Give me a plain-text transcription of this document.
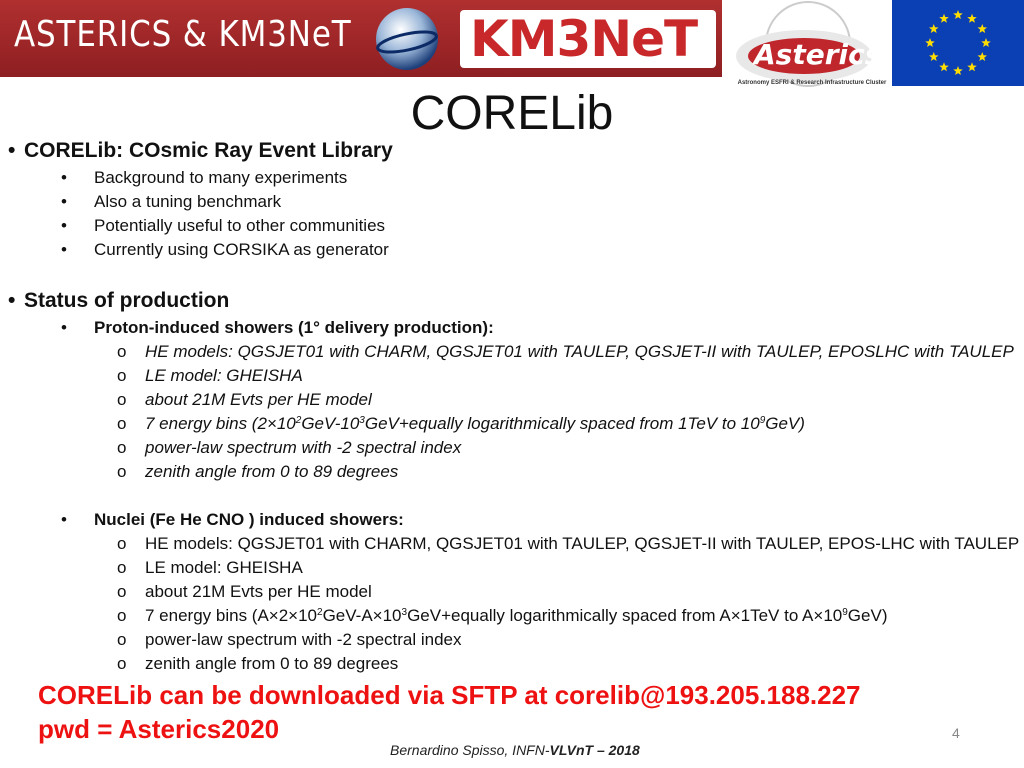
ASTERICS & KM3NeT KM3NeT Asterics
Astronomy ESFRI & Research Infrastructure Cluster
CORELib
• CORELib: COsmic Ray Event Library
• Background to many experiments
• Also a tuning benchmark
• Potentially useful to other communities
• Currently using CORSIKA as generator
• Status of production
• Proton-induced showers (1° delivery production):
o HE models: QGSJET01 with CHARM, QGSJET01 with TAULEP, QGSJET-II with TAULEP, EPOSLHC with TAULEP
o LE model: GHEISHA
o about 21M Evts per HE model
o 7 energy bins ($2\times 10^2GeV-10^3GeV+equally$ logarithmically spaced from 1TeV to $10^9GeV$)
o power-law spectrum with -2 spectral index
o zenith angle from 0 to 89 degrees
• Nuclei (Fe He CNO ) induced showers:
o HE models: QGSJET01 with CHARM, QGSJET01 with TAULEP, QGSJET-II with TAULEP, EPOS-LHC with TAULEP
o LE model: GHEISHA
o about 21M Evts per HE model
o 7 energy bins ($A\times 2\times 10^2GeV-A\times 10^3GeV+equally$ logarithmically spaced from A×1TeV to $A\times 10^9GeV$)
o power-law spectrum with -2 spectral index
o zenith angle from 0 to 89 degrees
CORELib can be downloaded via SFTP at corelib@193.205.188.227
pwd = Asterics2020	4
Bernardino Spisso, INFN-VLVnT – 2018
